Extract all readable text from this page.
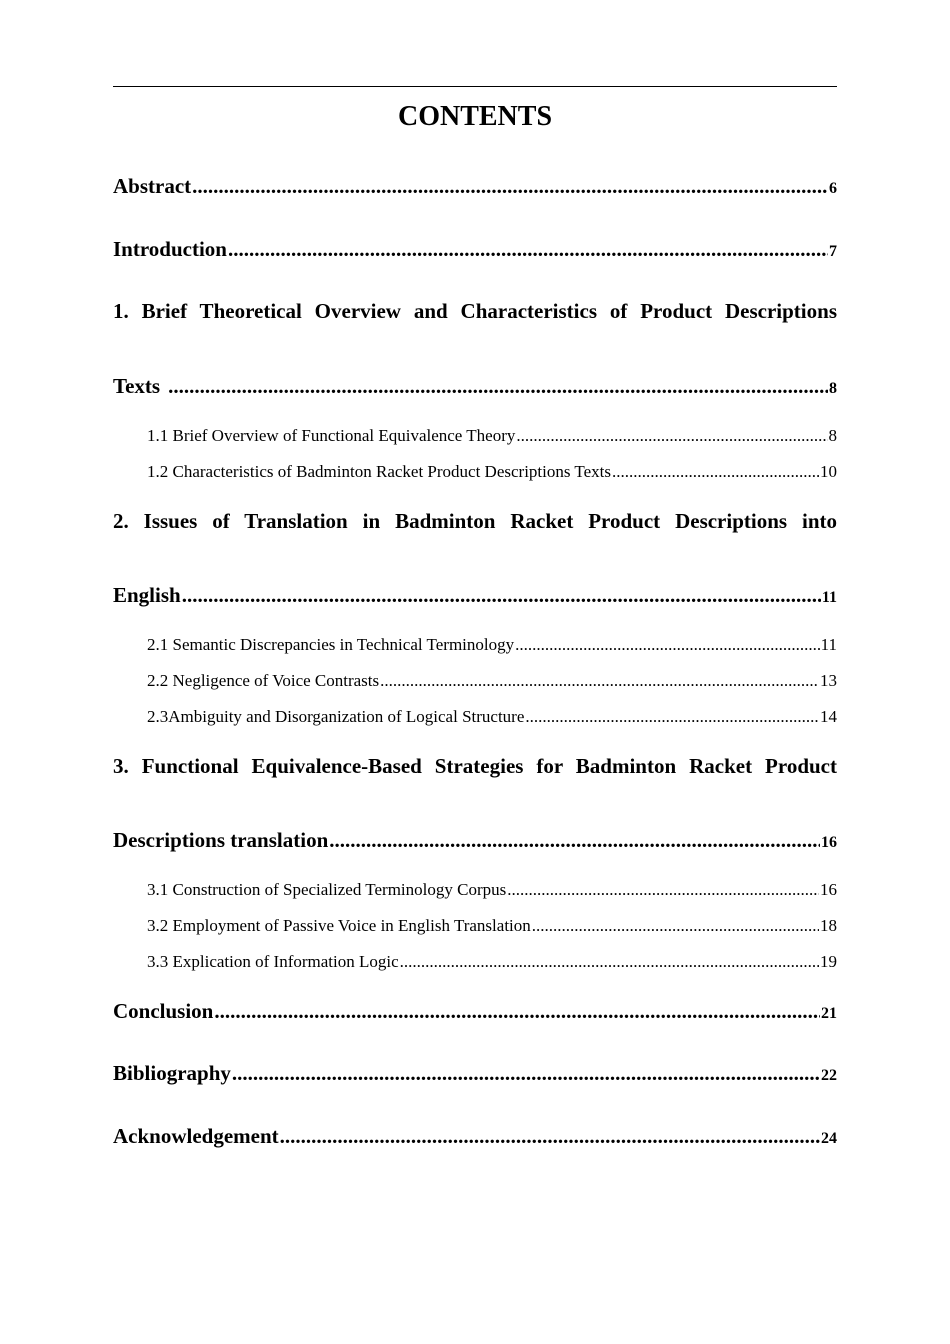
CONTENTS
Abstract .....	6
Introduction .....	7
1. Brief Theoretical Overview and Characteristics of Product Descriptions
Texts .....	8
1.1 Brief Overview of Functional Equivalence Theory .....	8
1.2 Characteristics of Badminton Racket Product Descriptions Texts .....	10
2. Issues of Translation in Badminton Racket Product Descriptions into
English .....	11
2.1 Semantic Discrepancies in Technical Terminology .....	11
2.2 Negligence of Voice Contrasts .....	13
2.3Ambiguity and Disorganization of Logical Structure .....	14
3. Functional Equivalence-Based Strategies for Badminton Racket Product
Descriptions translation .....	16
3.1 Construction of Specialized Terminology Corpus .....	16
3.2 Employment of Passive Voice in English Translation .....	18
3.3 Explication of Information Logic .....	19
Conclusion .....	21
Bibliography .....	22
Acknowledgement .....	24
